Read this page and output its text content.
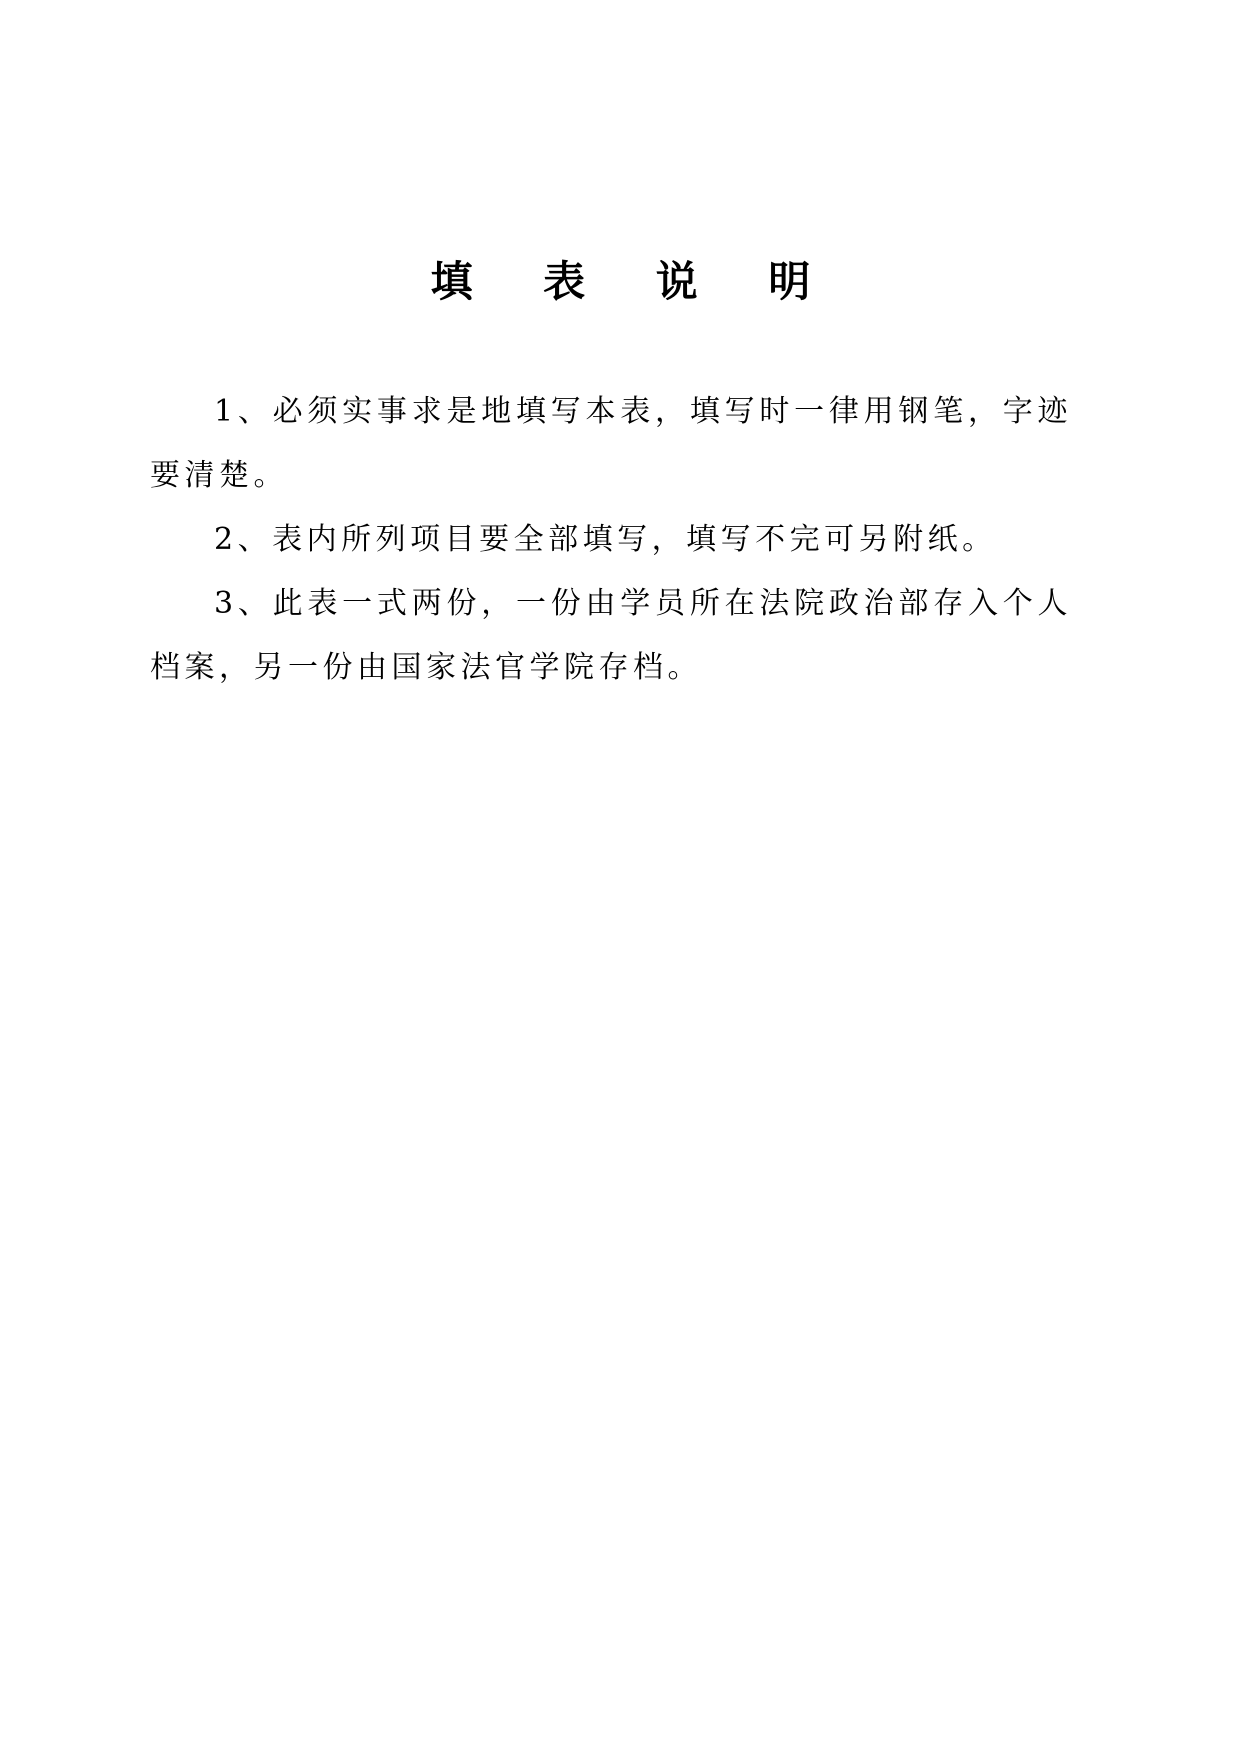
填 表 说 明

1、必须实事求是地填写本表，填写时一律用钢笔，字迹要清楚。

2、表内所列项目要全部填写，填写不完可另附纸。

3、此表一式两份，一份由学员所在法院政治部存入个人档案，另一份由国家法官学院存档。
